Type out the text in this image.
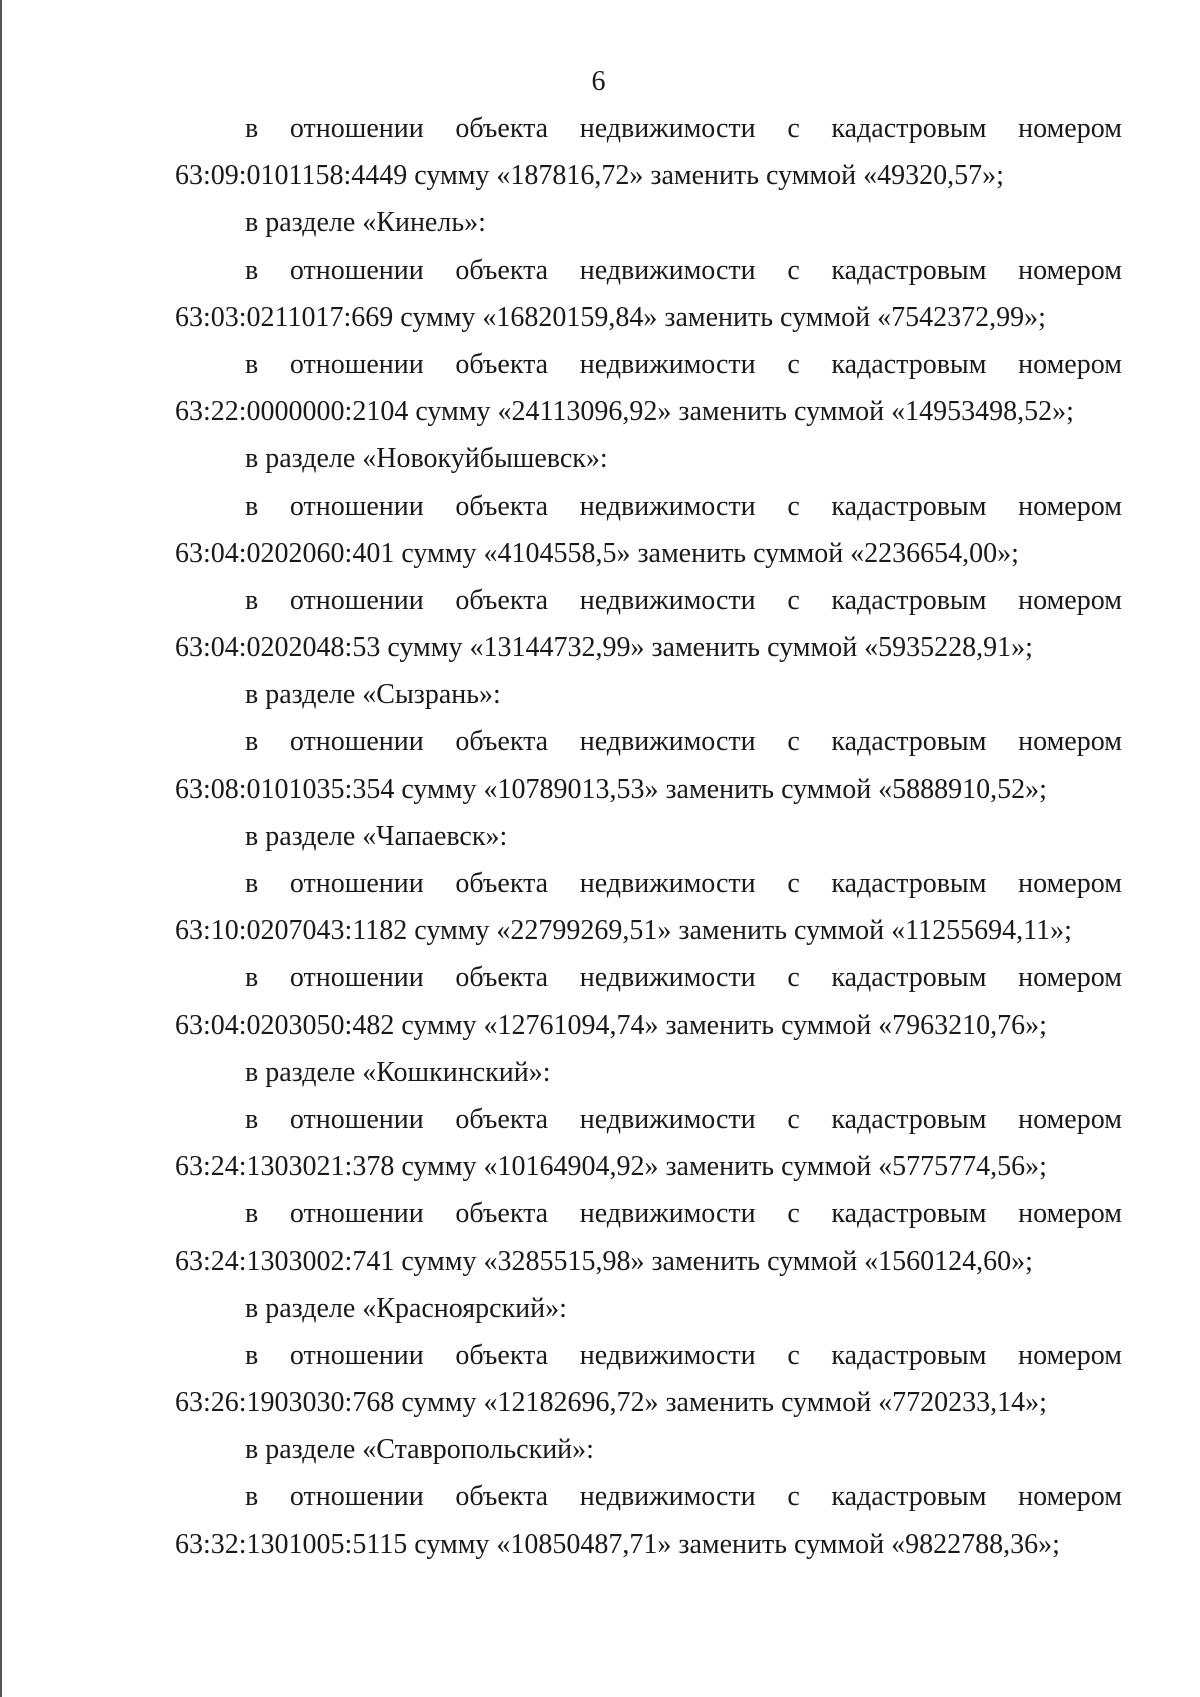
6
в отношении объекта недвижимости с кадастровым номером
63:09:0101158:4449 сумму «187816,72» заменить суммой «49320,57»;
в разделе «Кинель»:
в отношении объекта недвижимости с кадастровым номером
63:03:0211017:669 сумму «16820159,84» заменить суммой «7542372,99»;
в отношении объекта недвижимости с кадастровым номером
63:22:0000000:2104 сумму «24113096,92» заменить суммой «14953498,52»;
в разделе «Новокуйбышевск»:
в отношении объекта недвижимости с кадастровым номером
63:04:0202060:401 сумму «4104558,5» заменить суммой «2236654,00»;
в отношении объекта недвижимости с кадастровым номером
63:04:0202048:53 сумму «13144732,99» заменить суммой «5935228,91»;
в разделе «Сызрань»:
в отношении объекта недвижимости с кадастровым номером
63:08:0101035:354 сумму «10789013,53» заменить суммой «5888910,52»;
в разделе «Чапаевск»:
в отношении объекта недвижимости с кадастровым номером
63:10:0207043:1182 сумму «22799269,51» заменить суммой «11255694,11»;
в отношении объекта недвижимости с кадастровым номером
63:04:0203050:482 сумму «12761094,74» заменить суммой «7963210,76»;
в разделе «Кошкинский»:
в отношении объекта недвижимости с кадастровым номером
63:24:1303021:378 сумму «10164904,92» заменить суммой «5775774,56»;
в отношении объекта недвижимости с кадастровым номером
63:24:1303002:741 сумму «3285515,98» заменить суммой «1560124,60»;
в разделе «Красноярский»:
в отношении объекта недвижимости с кадастровым номером
63:26:1903030:768 сумму «12182696,72» заменить суммой «7720233,14»;
в разделе «Ставропольский»:
в отношении объекта недвижимости с кадастровым номером
63:32:1301005:5115 сумму «10850487,71» заменить суммой «9822788,36»;
